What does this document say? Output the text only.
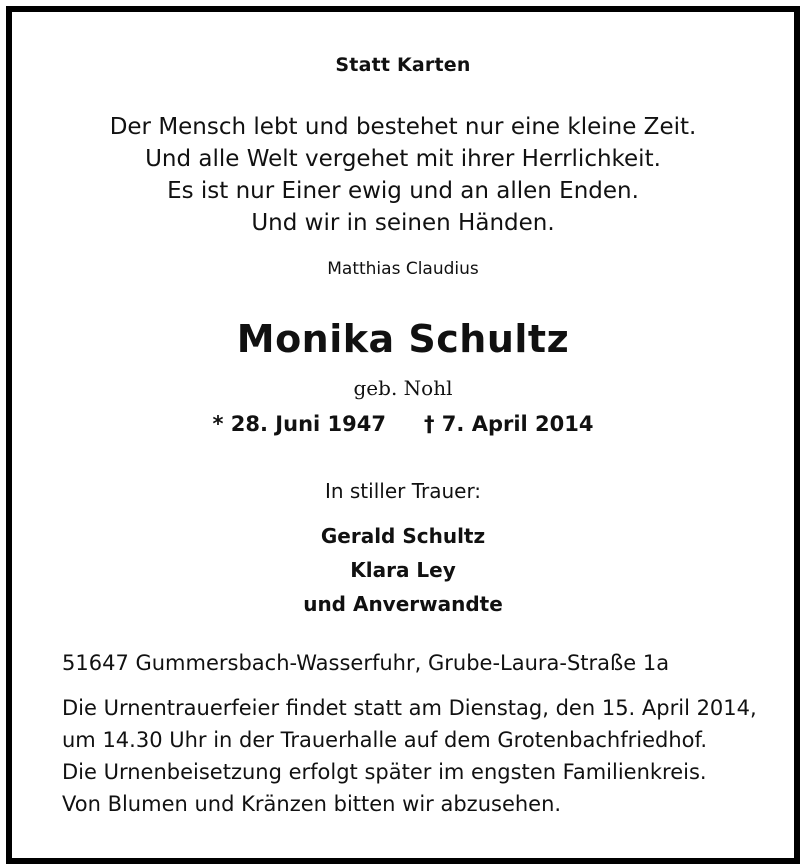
Statt Karten
Der Mensch lebt und bestehet nur eine kleine Zeit.
Und alle Welt vergehet mit ihrer Herrlichkeit.
Es ist nur Einer ewig und an allen Enden.
Und wir in seinen Händen.
Matthias Claudius
Monika Schultz
geb. Nohl
* 28. Juni 1947 † 7. April 2014
In stiller Trauer:
Gerald Schultz
Klara Ley
und Anverwandte
51647 Gummersbach-Wasserfuhr, Grube-Laura-Straße 1a
Die Urnentrauerfeier findet statt am Dienstag, den 15. April 2014,
um 14.30 Uhr in der Trauerhalle auf dem Grotenbachfriedhof.
Die Urnenbeisetzung erfolgt später im engsten Familienkreis.
Von Blumen und Kränzen bitten wir abzusehen.
